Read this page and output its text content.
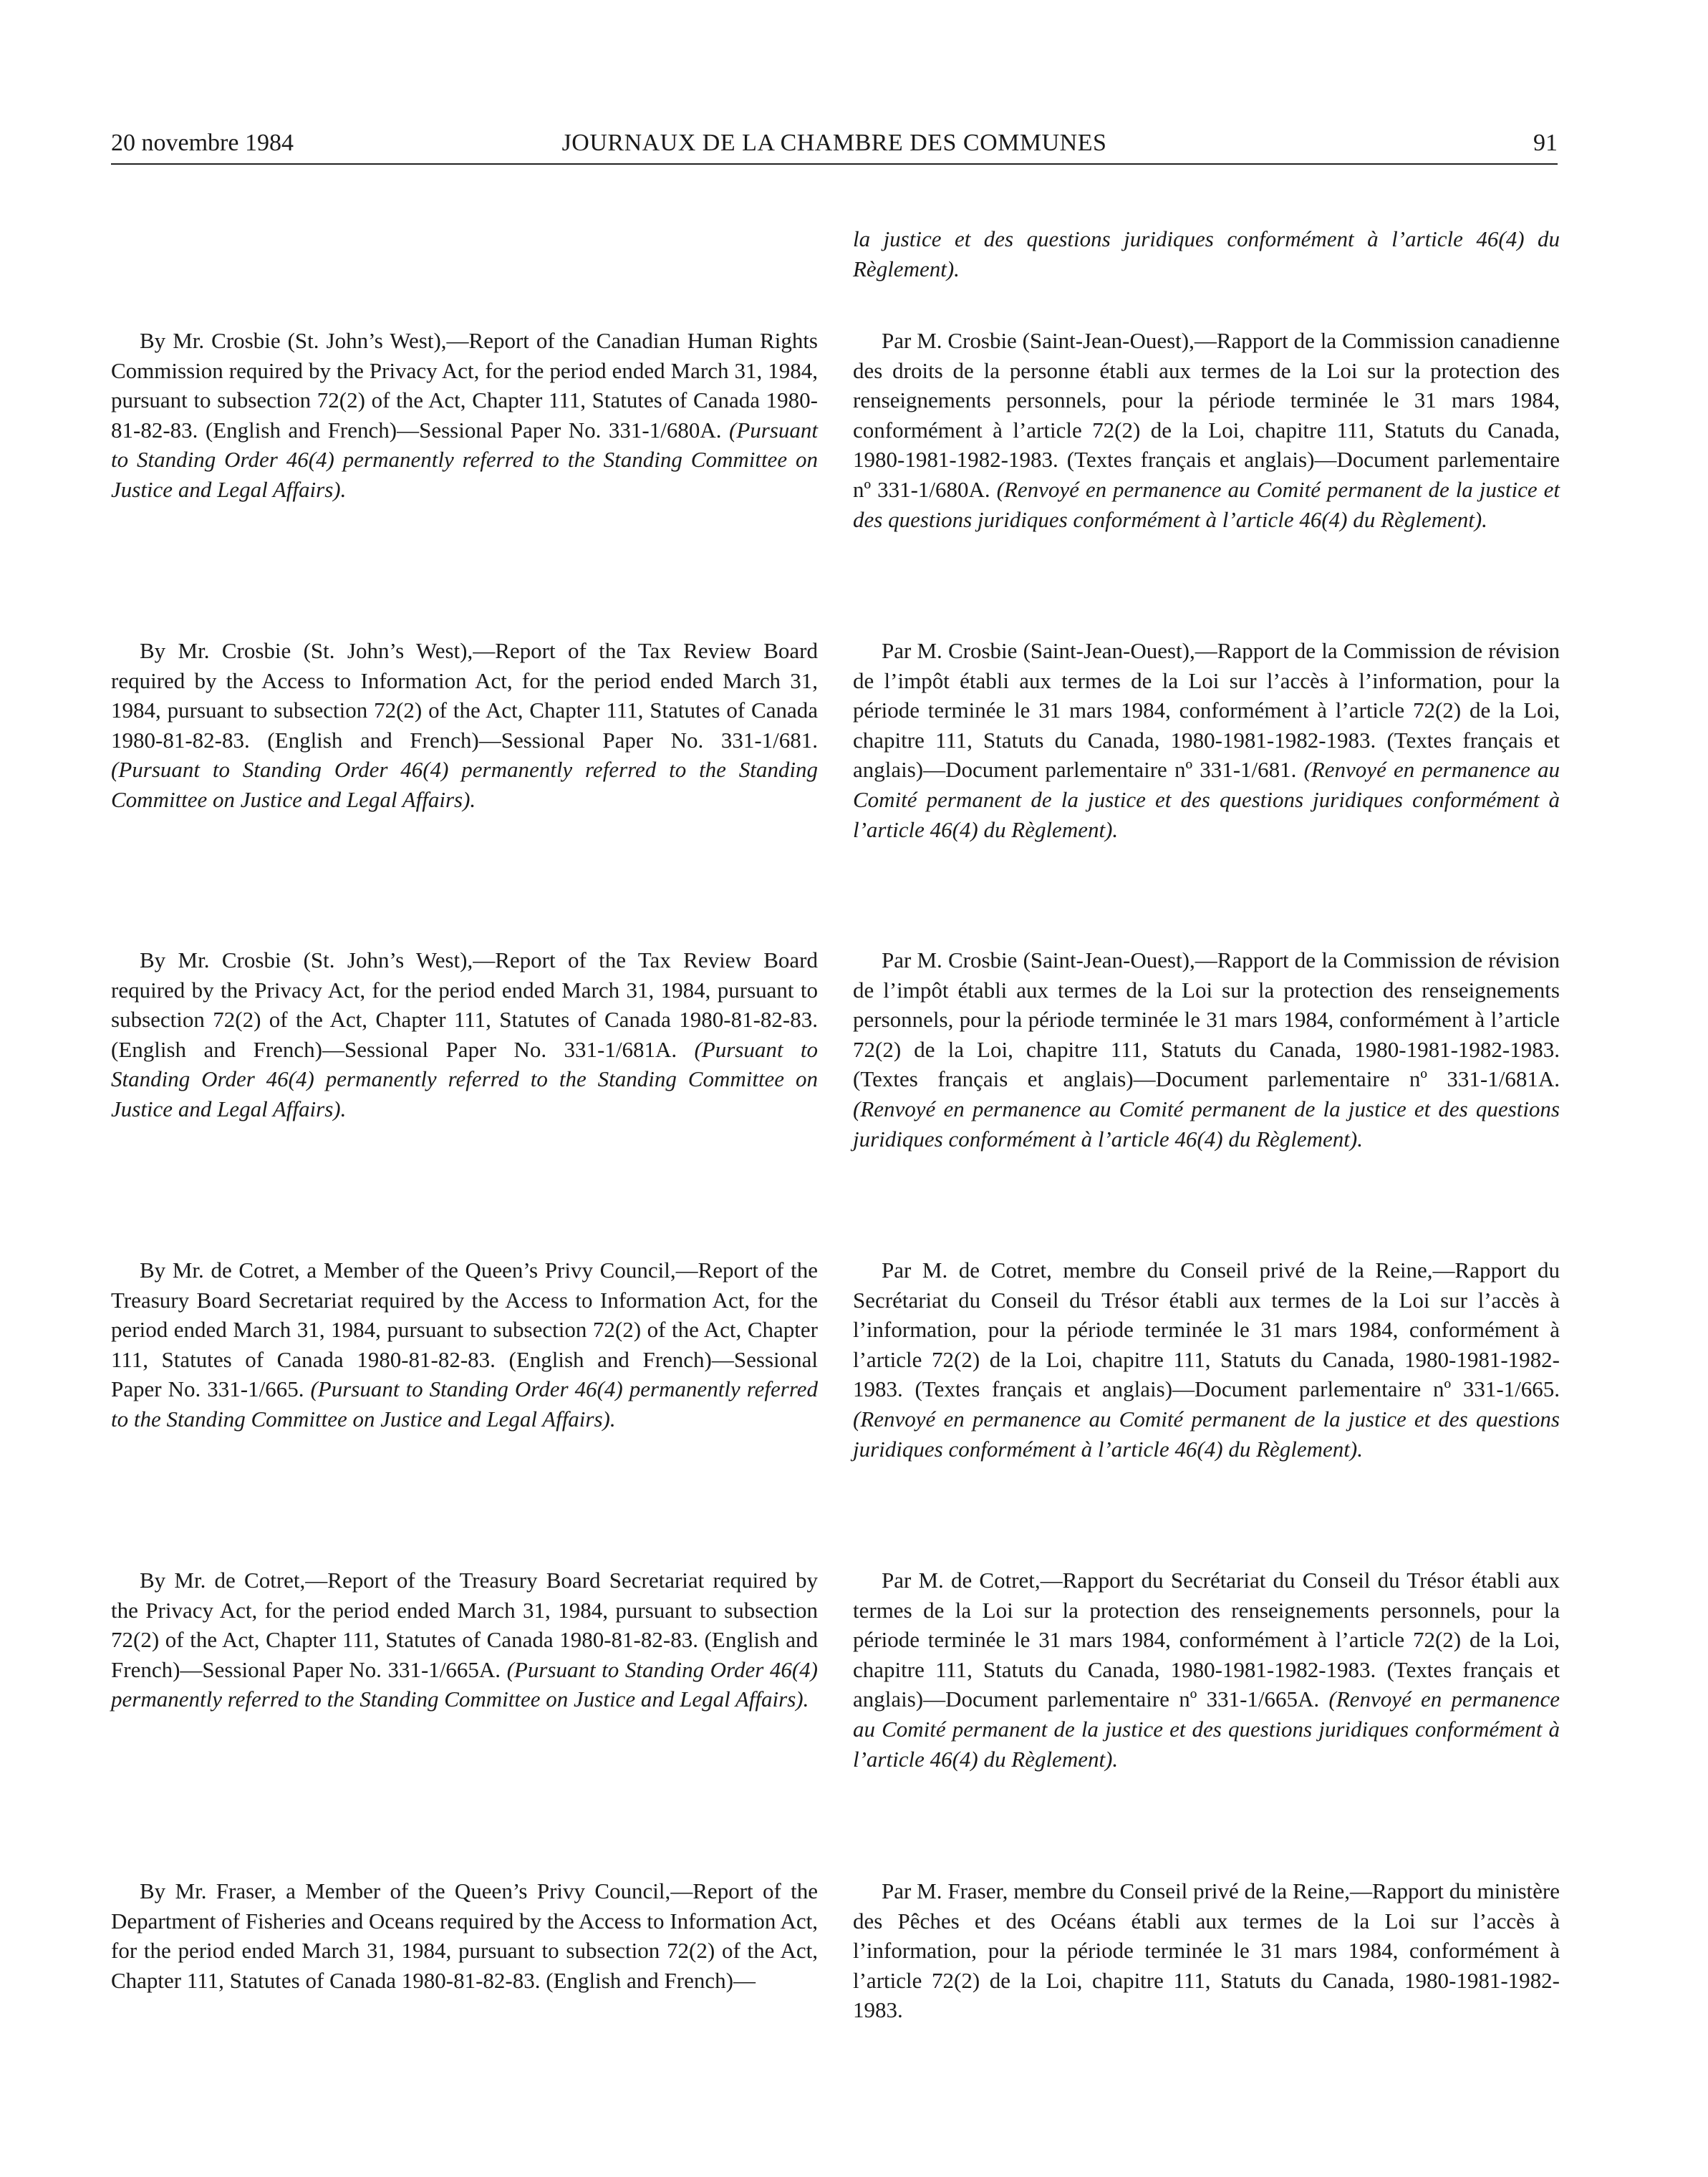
20 novembre 1984	JOURNAUX DE LA CHAMBRE DES COMMUNES	91

By Mr. Crosbie (St. John’s West),—Report of the Canadian Human Rights Commission required by the Privacy Act, for the period ended March 31, 1984, pursuant to subsection 72(2) of the Act, Chapter 111, Statutes of Canada 1980-81-82-83. (English and French)—Sessional Paper No. 331-1/680A. (Pursuant to Standing Order 46(4) permanently referred to the Standing Committee on Justice and Legal Affairs).

By Mr. Crosbie (St. John’s West),—Report of the Tax Review Board required by the Access to Information Act, for the period ended March 31, 1984, pursuant to subsection 72(2) of the Act, Chapter 111, Statutes of Canada 1980-81-82-83. (English and French)—Sessional Paper No. 331-1/681. (Pursuant to Standing Order 46(4) permanently referred to the Standing Committee on Justice and Legal Affairs).

By Mr. Crosbie (St. John’s West),—Report of the Tax Review Board required by the Privacy Act, for the period ended March 31, 1984, pursuant to subsection 72(2) of the Act, Chapter 111, Statutes of Canada 1980-81-82-83. (English and French)—Sessional Paper No. 331-1/681A. (Pursuant to Standing Order 46(4) permanently referred to the Standing Committee on Justice and Legal Affairs).

By Mr. de Cotret, a Member of the Queen’s Privy Council,—Report of the Treasury Board Secretariat required by the Access to Information Act, for the period ended March 31, 1984, pursuant to subsection 72(2) of the Act, Chapter 111, Statutes of Canada 1980-81-82-83. (English and French)—Sessional Paper No. 331-1/665. (Pursuant to Standing Order 46(4) permanently referred to the Standing Committee on Justice and Legal Affairs).

By Mr. de Cotret,—Report of the Treasury Board Secretariat required by the Privacy Act, for the period ended March 31, 1984, pursuant to subsection 72(2) of the Act, Chapter 111, Statutes of Canada 1980-81-82-83. (English and French)—Sessional Paper No. 331-1/665A. (Pursuant to Standing Order 46(4) permanently referred to the Standing Committee on Justice and Legal Affairs).

By Mr. Fraser, a Member of the Queen’s Privy Council,—Report of the Department of Fisheries and Oceans required by the Access to Information Act, for the period ended March 31, 1984, pursuant to subsection 72(2) of the Act, Chapter 111, Statutes of Canada 1980-81-82-83. (English and French)—

la justice et des questions juridiques conformément à l’article 46(4) du Règlement).

Par M. Crosbie (Saint-Jean-Ouest),—Rapport de la Commission canadienne des droits de la personne établi aux termes de la Loi sur la protection des renseignements personnels, pour la période terminée le 31 mars 1984, conformément à l’article 72(2) de la Loi, chapitre 111, Statuts du Canada, 1980-1981-1982-1983. (Textes français et anglais)—Document parlementaire nº 331-1/680A. (Renvoyé en permanence au Comité permanent de la justice et des questions juridiques conformément à l’article 46(4) du Règlement).

Par M. Crosbie (Saint-Jean-Ouest),—Rapport de la Commission de révision de l’impôt établi aux termes de la Loi sur l’accès à l’information, pour la période terminée le 31 mars 1984, conformément à l’article 72(2) de la Loi, chapitre 111, Statuts du Canada, 1980-1981-1982-1983. (Textes français et anglais)—Document parlementaire nº 331-1/681. (Renvoyé en permanence au Comité permanent de la justice et des questions juridiques conformément à l’article 46(4) du Règlement).

Par M. Crosbie (Saint-Jean-Ouest),—Rapport de la Commission de révision de l’impôt établi aux termes de la Loi sur la protection des renseignements personnels, pour la période terminée le 31 mars 1984, conformément à l’article 72(2) de la Loi, chapitre 111, Statuts du Canada, 1980-1981-1982-1983. (Textes français et anglais)—Document parlementaire nº 331-1/681A. (Renvoyé en permanence au Comité permanent de la justice et des questions juridiques conformément à l’article 46(4) du Règlement).

Par M. de Cotret, membre du Conseil privé de la Reine,—Rapport du Secrétariat du Conseil du Trésor établi aux termes de la Loi sur l’accès à l’information, pour la période terminée le 31 mars 1984, conformément à l’article 72(2) de la Loi, chapitre 111, Statuts du Canada, 1980-1981-1982-1983. (Textes français et anglais)—Document parlementaire nº 331-1/665. (Renvoyé en permanence au Comité permanent de la justice et des questions juridiques conformément à l’article 46(4) du Règlement).

Par M. de Cotret,—Rapport du Secrétariat du Conseil du Trésor établi aux termes de la Loi sur la protection des renseignements personnels, pour la période terminée le 31 mars 1984, conformément à l’article 72(2) de la Loi, chapitre 111, Statuts du Canada, 1980-1981-1982-1983. (Textes français et anglais)—Document parlementaire nº 331-1/665A. (Renvoyé en permanence au Comité permanent de la justice et des questions juridiques conformément à l’article 46(4) du Règlement).

Par M. Fraser, membre du Conseil privé de la Reine,—Rapport du ministère des Pêches et des Océans établi aux termes de la Loi sur l’accès à l’information, pour la période terminée le 31 mars 1984, conformément à l’article 72(2) de la Loi, chapitre 111, Statuts du Canada, 1980-1981-1982-1983.
